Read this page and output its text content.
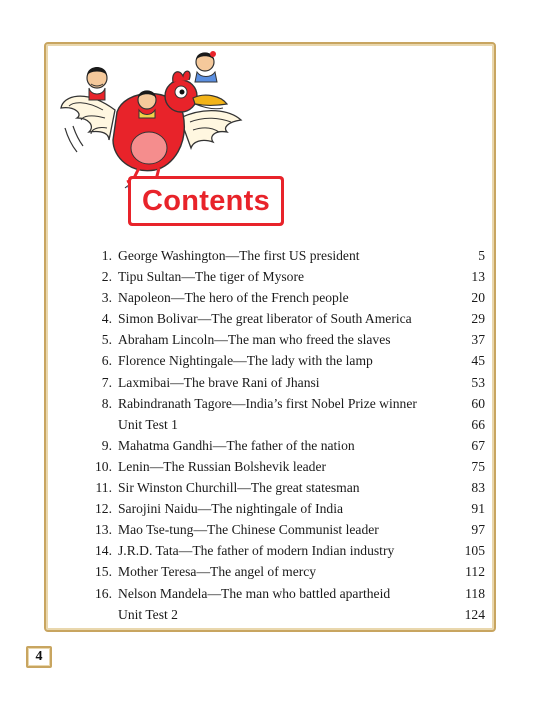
Contents
1. George Washington—The first US president	5
2. Tipu Sultan—The tiger of Mysore	13
3. Napoleon—The hero of the French people	20
4. Simon Bolivar—The great liberator of South America	29
5. Abraham Lincoln—The man who freed the slaves	37
6. Florence Nightingale—The lady with the lamp	45
7. Laxmibai—The brave Rani of Jhansi	53
8. Rabindranath Tagore—India’s first Nobel Prize winner	60
Unit Test 1	66
9. Mahatma Gandhi—The father of the nation	67
10. Lenin—The Russian Bolshevik leader	75
11. Sir Winston Churchill—The great statesman	83
12. Sarojini Naidu—The nightingale of India	91
13. Mao Tse-tung—The Chinese Communist leader	97
14. J.R.D. Tata—The father of modern Indian industry	105
15. Mother Teresa—The angel of mercy	112
16. Nelson Mandela—The man who battled apartheid	118
Unit Test 2	124
4
